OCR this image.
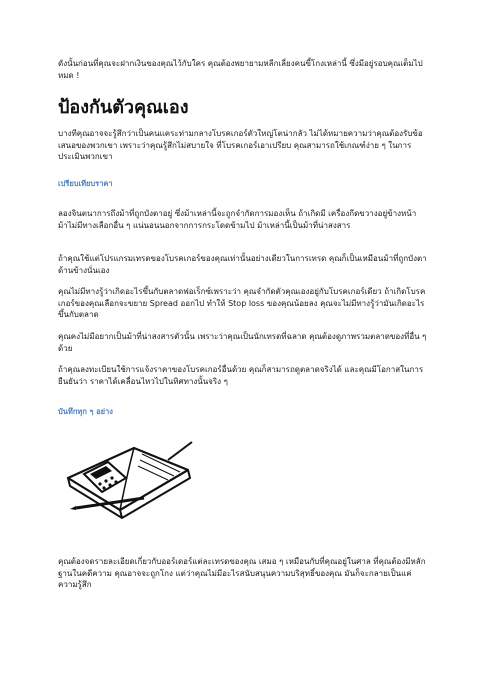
ดังนั้นก่อนที่คุณจะฝากเงินของคุณไว้กับใคร คุณต้องพยายามหลีกเลี่ยงคนขี้โกงเหล่านี้ ซึ่งมีอยู่รอบคุณเต็มไปหมด !

ป้องกันตัวคุณเอง

บางทีคุณอาจจะรู้สึกว่าเป็นคนแคระท่ามกลางโบรคเกอร์ตัวใหญ่โตน่ากลัว ไม่ได้หมายความว่าคุณต้องรับข้อเสนอของพวกเขา เพราะว่าคุณรู้สึกไม่สบายใจ ที่โบรคเกอร์เอาเปรียบ คุณสามารถใช้เกณฑ์ง่าย ๆ ในการประเมินพวกเขา

เปรียบเทียบราคา

ลองจินตนาการถึงม้าที่ถูกบังตาอยู่ ซึ่งม้าเหล่านี้จะถูกจำกัดการมองเห็น ถ้าเกิดมี เครื่องกีดขวางอยู่ข้างหน้า ม้าไม่มีทางเลือกอื่น ๆ แน่นอนนอกจากการกระโดดข้ามไป ม้าเหล่านี้เป็นม้าที่น่าสงสาร

ถ้าคุณใช้แต่โปรแกรมเทรดของโบรคเกอร์ของคุณเท่านั้นอย่างเดียวในการเทรด คุณก็เป็นเหมือนม้าที่ถูกบังตาด้านข้างนั่นเอง

คุณไม่มีทางรู้ว่าเกิดอะไรขึ้นกับตลาดฟอเร็กซ์เพราะว่า คุณจำกัดตัวคุณเองอยู่กับโบรคเกอร์เดียว ถ้าเกิดโบรคเกอร์ของคุณเลือกจะขยาย Spread ออกไป ทำให้ Stop loss ของคุณน้อยลง คุณจะไม่มีทางรู้ว่ามันเกิดอะไรขึ้นกับตลาด

คุณคงไม่มีอยากเป็นม้าที่น่าสงสารตัวนั้น เพราะว่าคุณเป็นนักเทรดที่ฉลาด คุณต้องดูภาพรวมตลาดของที่อื่น ๆ ด้วย

ถ้าคุณลงทะเบียนใช้การแจ้งราคาของโบรคเกอร์อื่นด้วย คุณก็สามารถดูตลาดจริงได้ และคุณมีโอกาสในการยืนยันว่า ราคาได้เคลื่อนไหวไปในทิศทางนั้นจริง ๆ

บันทึกทุก ๆ อย่าง

คุณต้องจดรายละเอียดเกี่ยวกับออร์เดอร์แต่ละเทรดของคุณ เสมอ ๆ เหมือนกับที่คุณอยู่ในศาล ที่คุณต้องมีหลักฐานในคดีความ คุณอาจจะถูกโกง แต่ว่าคุณไม่มีอะไรสนับสนุนความบริสุทธิ์ของคุณ มันก็จะกลายเป็นแค่ความรู้สึก
